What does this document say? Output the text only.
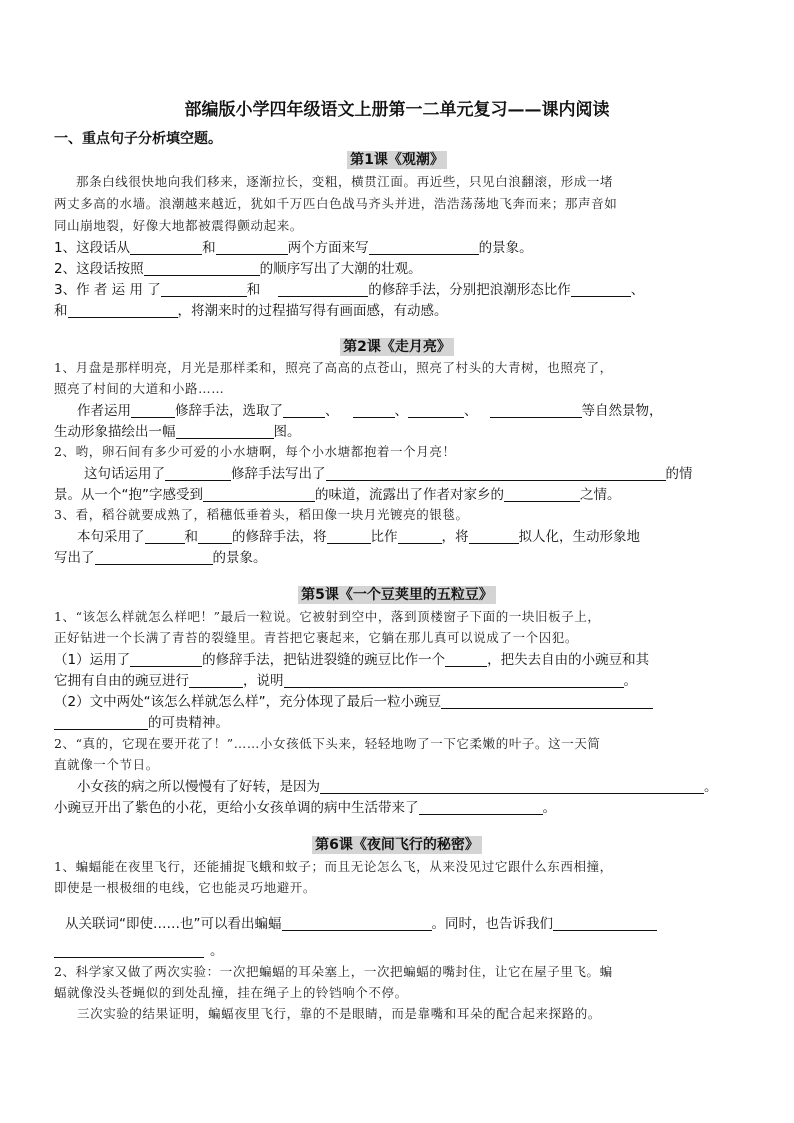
部编版小学四年级语文上册第一二单元复习——课内阅读
一、重点句子分析填空题。
第1课《观潮》
那条白线很快地向我们移来，逐渐拉长，变粗，横贯江面。再近些，只见白浪翻滚，形成一堵
两丈多高的水墙。浪潮越来越近，犹如千万匹白色战马齐头并进，浩浩荡荡地飞奔而来；那声音如
同山崩地裂，好像大地都被震得颤动起来。
1、这段话从	和	两个方面来写	的景象。
2、这段话按照	的顺序写出了大潮的壮观。
3、作 者 运 用 了	和	的修辞手法，分别把浪潮形态比作	、
和	，将潮来时的过程描写得有画面感，有动感。
第2课《走月亮》
1、月盘是那样明亮，月光是那样柔和，照亮了高高的点苍山，照亮了村头的大青树，也照亮了，
照亮了村间的大道和小路……
作者运用	修辞手法，选取了	、	、	、	等自然景物，
生动形象描绘出一幅	图。
2、哟，卵石间有多少可爱的小水塘啊，每个小水塘都抱着一个月亮！
这句话运用了	修辞手法写出了	的情
景。从一个“抱”字感受到	的味道，流露出了作者对家乡的	之情。
3、看，稻谷就要成熟了，稻穗低垂着头，稻田像一块月光镀亮的银毯。
本句采用了	和	的修辞手法，将	比作	，将	拟人化，生动形象地
写出了	的景象。
第5课《一个豆荚里的五粒豆》
1、“该怎么样就怎么样吧！”最后一粒说。它被射到空中，落到顶楼窗子下面的一块旧板子上，
正好钻进一个长满了青苔的裂缝里。青苔把它裹起来，它躺在那儿真可以说成了一个囚犯。
（1）运用了	的修辞手法，把钻进裂缝的豌豆比作一个	，把失去自由的小豌豆和其
它拥有自由的豌豆进行	，说明	。
（2）文中两处“该怎么样就怎么样”，充分体现了最后一粒小豌豆
的可贵精神。
2、“真的，它现在要开花了！”……小女孩低下头来，轻轻地吻了一下它柔嫩的叶子。这一天简
直就像一个节日。
小女孩的病之所以慢慢有了好转，是因为	。
小豌豆开出了紫色的小花，更给小女孩单调的病中生活带来了	。
第6课《夜间飞行的秘密》
1、蝙蝠能在夜里飞行，还能捕捉飞蛾和蚊子；而且无论怎么飞，从来没见过它跟什么东西相撞，
即使是一根极细的电线，它也能灵巧地避开。
从关联词“即使……也”可以看出蝙蝠	。同时，也告诉我们
。
2、科学家又做了两次实验：一次把蝙蝠的耳朵塞上，一次把蝙蝠的嘴封住，让它在屋子里飞。蝙
蝠就像没头苍蝇似的到处乱撞，挂在绳子上的铃铛响个不停。
三次实验的结果证明，蝙蝠夜里飞行，靠的不是眼睛，而是靠嘴和耳朵的配合起来探路的。
